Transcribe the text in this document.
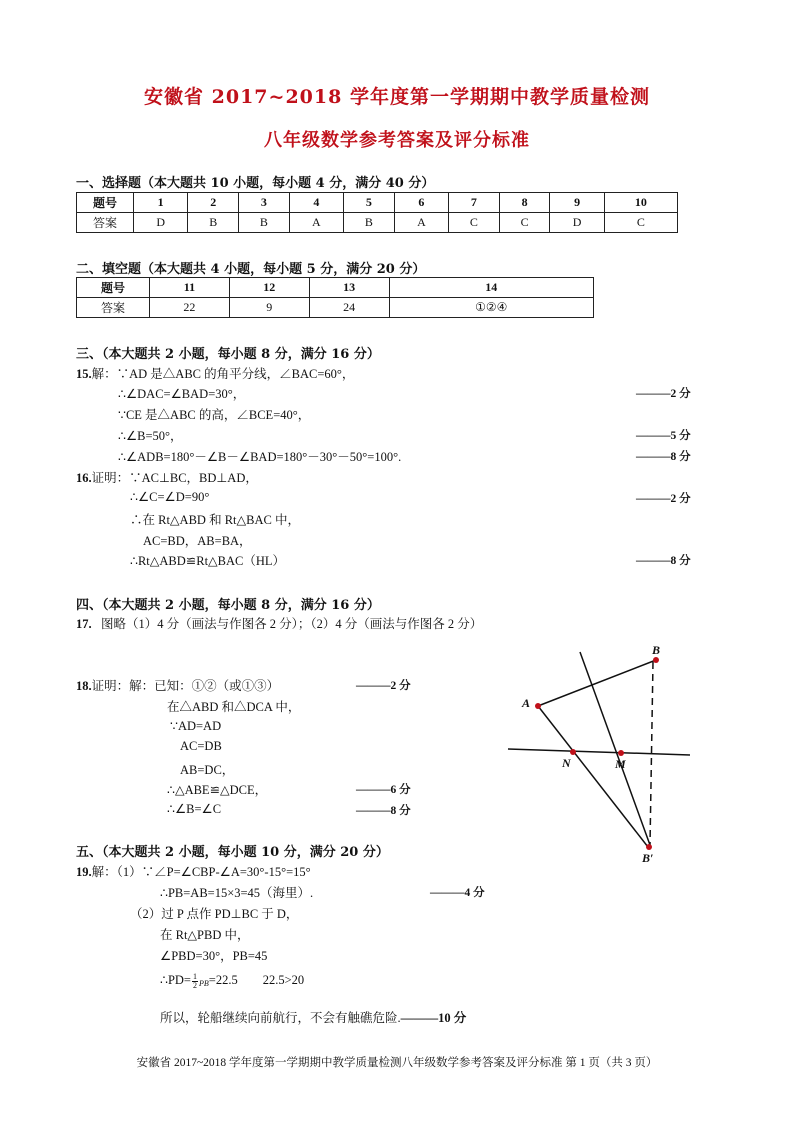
安徽省 2017~2018 学年度第一学期期中教学质量检测
八年级数学参考答案及评分标准
一、选择题（本大题共 10 小题，每小题 4 分，满分 40 分）
题号	1	2	3	4	5	6	7	8	9	10
答案	D	B	B	A	B	A	C	C	D	C
二、填空题（本大题共 4 小题，每小题 5 分，满分 20 分）
题号	11	12	13	14
答案	22	9	24	①②④
三、（本大题共 2 小题，每小题 8 分，满分 16 分）
15.解：∵AD 是△ABC 的角平分线，∠BAC=60°，
∴∠DAC=∠BAD=30°，
∵CE 是△ABC 的高，∠BCE=40°，
∴∠B=50°，
∴∠ADB=180°－∠B－∠BAD=180°－30°－50°=100°.
———2 分
———5 分
———8 分
16.证明：∵AC⊥BC，BD⊥AD，
∴∠C=∠D=90°
∴在 Rt△ABD 和 Rt△BAC 中，
AC=BD，AB=BA，
∴Rt△ABD≌Rt△BAC（HL）
———2 分
———8 分
四、（本大题共 2 小题，每小题 8 分，满分 16 分）
17. 图略（1）4 分（画法与作图各 2 分）；（2）4 分（画法与作图各 2 分）
18.证明：解：已知：①②（或①③）
在△ABD 和△DCA 中，
∵AD=AD
AC=DB
AB=DC，
∴△ABE≌△DCE，
∴∠B=∠C
———2 分
———6 分
———8 分
B
A
N	M
B′
五、（本大题共 2 小题，每小题 10 分，满分 20 分）
19.解：（1）∵∠P=∠CBP-∠A=30°-15°=15°
∴PB=AB=15×3=45（海里）.
（2）过 P 点作 PD⊥BC 于 D，
在 Rt△PBD 中，
∠PBD=30°，PB=45
∴PD= $\frac{1}{2} _{PB}=22.5$　　22.5>20
所以，轮船继续向前航行，不会有触礁危险.———10 分
———4 分
安徽省 2017~2018 学年度第一学期期中教学质量检测八年级数学参考答案及评分标准 第 1 页（共 3 页）
